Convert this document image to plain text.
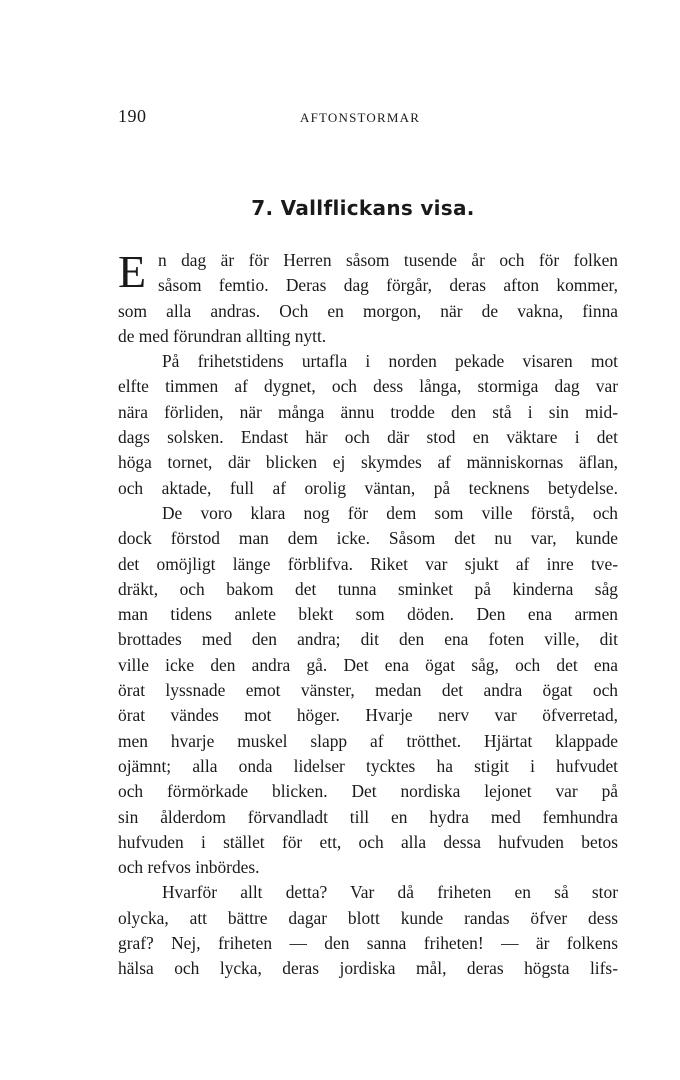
190	AFTONSTORMAR
7. Vallflickans visa.
E n dag är för Herren såsom tusende år och för folken
såsom femtio. Deras dag förgår, deras afton kommer,
som alla andras. Och en morgon, när de vakna, finna
de med förundran allting nytt.
På frihetstidens urtafla i norden pekade visaren mot
elfte timmen af dygnet, och dess långa, stormiga dag var
nära förliden, när många ännu trodde den stå i sin mid-
dags solsken. Endast här och där stod en väktare i det
höga tornet, där blicken ej skymdes af människornas äflan,
och aktade, full af orolig väntan, på tecknens betydelse.
De voro klara nog för dem som ville förstå, och
dock förstod man dem icke. Såsom det nu var, kunde
det omöjligt länge förblifva. Riket var sjukt af inre tve-
dräkt, och bakom det tunna sminket på kinderna såg
man tidens anlete blekt som döden. Den ena armen
brottades med den andra; dit den ena foten ville, dit
ville icke den andra gå. Det ena ögat såg, och det ena
örat lyssnade emot vänster, medan det andra ögat och
örat vändes mot höger. Hvarje nerv var öfverretad,
men hvarje muskel slapp af trötthet. Hjärtat klappade
ojämnt; alla onda lidelser tycktes ha stigit i hufvudet
och förmörkade blicken. Det nordiska lejonet var på
sin ålderdom förvandladt till en hydra med femhundra
hufvuden i stället för ett, och alla dessa hufvuden betos
och refvos inbördes.
Hvarför allt detta? Var då friheten en så stor
olycka, att bättre dagar blott kunde randas öfver dess
graf? Nej, friheten — den sanna friheten! — är folkens
hälsa och lycka, deras jordiska mål, deras högsta lifs-
